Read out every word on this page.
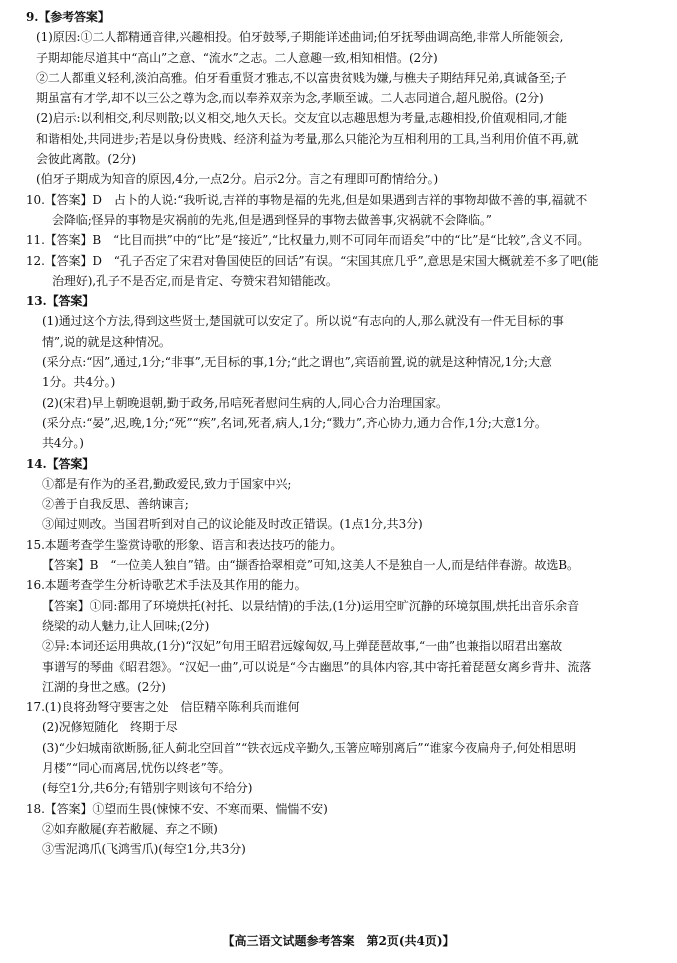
9.【参考答案】
(1)原因:①二人都精通音律,兴趣相投。伯牙鼓琴,子期能详述曲词;伯牙抚琴曲调高绝,非常人所能领会,
子期却能尽道其中“高山”之意、“流水”之志。二人意趣一致,相知相惜。(2分)
②二人都重义轻利,淡泊高雅。伯牙看重贤才雅志,不以富贵贫贱为嫌,与樵夫子期结拜兄弟,真诚备至;子
期虽富有才学,却不以三公之尊为念,而以奉养双亲为念,孝顺至诚。二人志同道合,超凡脱俗。(2分)
(2)启示:以利相交,利尽则散;以义相交,地久天长。交友宜以志趣思想为考量,志趣相投,价值观相同,才能
和谐相处,共同进步;若是以身份贵贱、经济利益为考量,那么只能沦为互相利用的工具,当利用价值不再,就
会彼此离散。(2分)
(伯牙子期成为知音的原因,4分,一点2分。启示2分。言之有理即可酌情给分。)
10.【答案】D　占卜的人说:“我听说,吉祥的事物是福的先兆,但是如果遇到吉祥的事物却做不善的事,福就不
会降临;怪异的事物是灾祸前的先兆,但是遇到怪异的事物去做善事,灾祸就不会降临。”
11.【答案】B　“比目而拱”中的“比”是“接近”,“比权量力,则不可同年而语矣”中的“比”是“比较”,含义不同。
12.【答案】D　“孔子否定了宋君对鲁国使臣的回话”有误。“宋国其庶几乎”,意思是宋国大概就差不多了吧(能
治理好),孔子不是否定,而是肯定、夸赞宋君知错能改。
13.【答案】
(1)通过这个方法,得到这些贤士,楚国就可以安定了。所以说“有志向的人,那么就没有一件无目标的事
情”,说的就是这种情况。
(采分点:“因”,通过,1分;“非事”,无目标的事,1分;“此之谓也”,宾语前置,说的就是这种情况,1分;大意
1分。共4分。)
(2)(宋君)早上朝晚退朝,勤于政务,吊唁死者慰问生病的人,同心合力治理国家。
(采分点:“晏”,迟,晚,1分;“死”“疾”,名词,死者,病人,1分;“戮力”,齐心协力,通力合作,1分;大意1分。
共4分。)
14.【答案】
①都是有作为的圣君,勤政爱民,致力于国家中兴;
②善于自我反思、善纳谏言;
③闻过则改。当国君听到对自己的议论能及时改正错误。(1点1分,共3分)
15.本题考查学生鉴赏诗歌的形象、语言和表达技巧的能力。
【答案】B　“一位美人独自”错。由“撷香拾翠相竞”可知,这美人不是独自一人,而是结伴春游。故选B。
16.本题考查学生分析诗歌艺术手法及其作用的能力。
【答案】①同:都用了环境烘托(衬托、以景结情)的手法,(1分)运用空旷沉静的环境氛围,烘托出音乐余音
绕梁的动人魅力,让人回味;(2分)
②异:本词还运用典故,(1分)“汉妃”句用王昭君远嫁匈奴,马上弹琵琶故事,“一曲”也兼指以昭君出塞故
事谱写的琴曲《昭君怨》。“汉妃一曲”,可以说是“今古幽思”的具体内容,其中寄托着琵琶女离乡背井、流落
江湖的身世之感。(2分)
17.(1)良将劲弩守要害之处　信臣精卒陈利兵而谁何
(2)况修短随化　终期于尽
(3)“少妇城南欲断肠,征人蓟北空回首”“铁衣远戍辛勤久,玉箸应啼别离后”“谁家今夜扁舟子,何处相思明
月楼”“同心而离居,忧伤以终老”等。
(每空1分,共6分;有错别字则该句不给分)
18.【答案】①望而生畏(悚悚不安、不寒而栗、惴惴不安)
②如弃敝屣(弃若敝屣、弃之不顾)
③雪泥鸿爪(飞鸿雪爪)(每空1分,共3分)
【高三语文试题参考答案　第2页(共4页)】
